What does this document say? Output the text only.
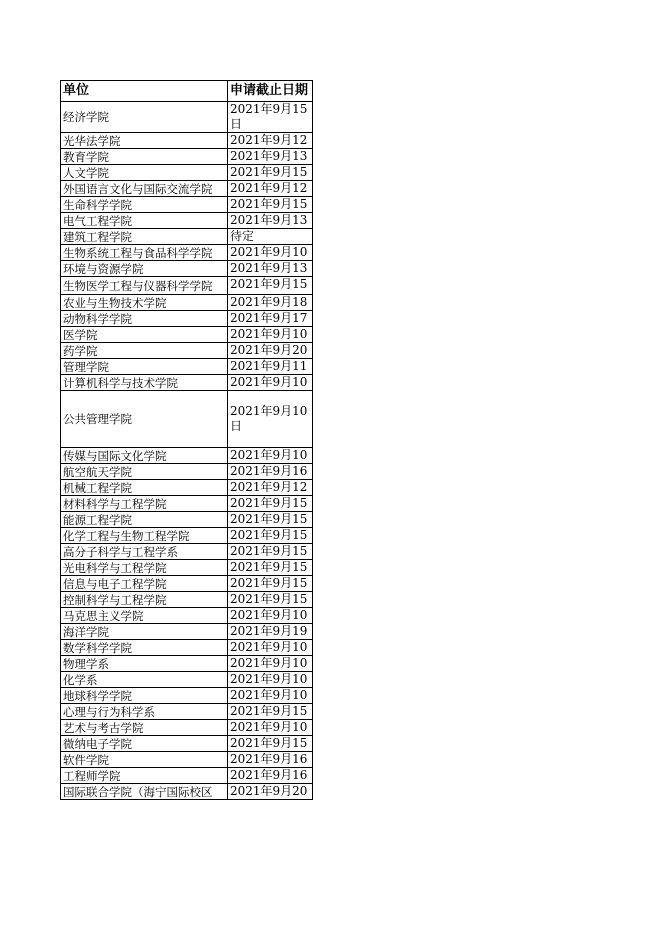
单位	申请截止日期
经济学院	2021年9月15日
光华法学院	2021年9月12
教育学院	2021年9月13
人文学院	2021年9月15
外国语言文化与国际交流学院	2021年9月12
生命科学学院	2021年9月15
电气工程学院	2021年9月13
建筑工程学院	待定
生物系统工程与食品科学学院	2021年9月10
环境与资源学院	2021年9月13
生物医学工程与仪器科学学院	2021年9月15
农业与生物技术学院	2021年9月18
动物科学学院	2021年9月17
医学院	2021年9月10
药学院	2021年9月20
管理学院	2021年9月11
计算机科学与技术学院	2021年9月10
公共管理学院	2021年9月10日
传媒与国际文化学院	2021年9月10
航空航天学院	2021年9月16
机械工程学院	2021年9月12
材料科学与工程学院	2021年9月15
能源工程学院	2021年9月15
化学工程与生物工程学院	2021年9月15
高分子科学与工程学系	2021年9月15
光电科学与工程学院	2021年9月15
信息与电子工程学院	2021年9月15
控制科学与工程学院	2021年9月15
马克思主义学院	2021年9月10
海洋学院	2021年9月19
数学科学学院	2021年9月10
物理学系	2021年9月10
化学系	2021年9月10
地球科学学院	2021年9月10
心理与行为科学系	2021年9月15
艺术与考古学院	2021年9月10
微纳电子学院	2021年9月15
软件学院	2021年9月16
工程师学院	2021年9月16
国际联合学院（海宁国际校区	2021年9月20
